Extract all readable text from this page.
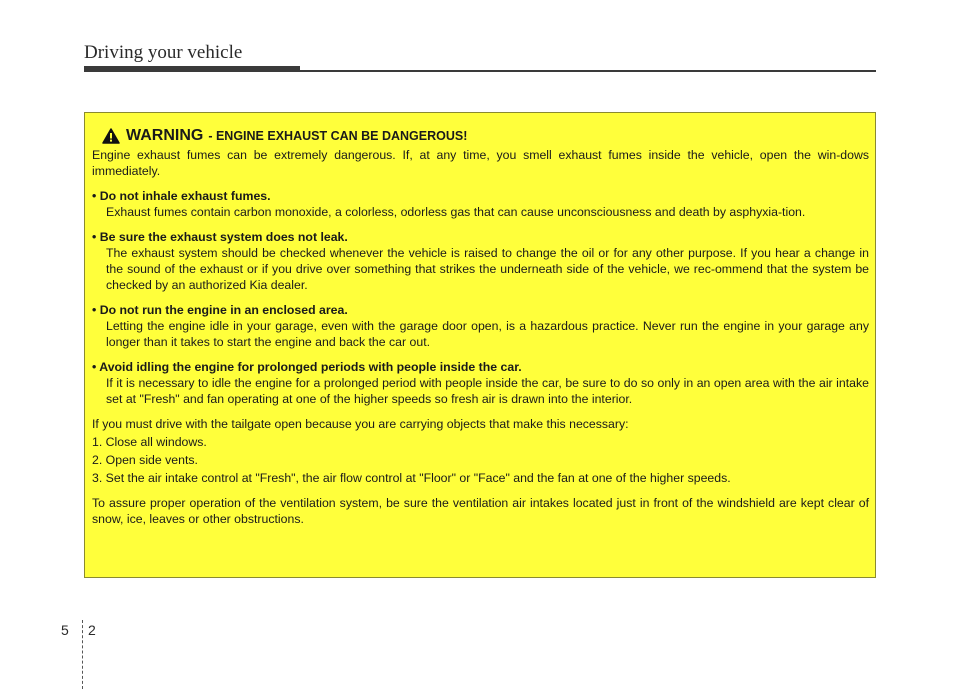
Driving your vehicle
WARNING - ENGINE EXHAUST CAN BE DANGEROUS!

Engine exhaust fumes can be extremely dangerous. If, at any time, you smell exhaust fumes inside the vehicle, open the win-dows immediately.

• Do not inhale exhaust fumes.

Exhaust fumes contain carbon monoxide, a colorless, odorless gas that can cause unconsciousness and death by asphyxia-tion.

• Be sure the exhaust system does not leak.

The exhaust system should be checked whenever the vehicle is raised to change the oil or for any other purpose. If you hear a change in the sound of the exhaust or if you drive over something that strikes the underneath side of the vehicle, we rec-ommend that the system be checked by an authorized Kia dealer.

• Do not run the engine in an enclosed area.

Letting the engine idle in your garage, even with the garage door open, is a hazardous practice. Never run the engine in your garage any longer than it takes to start the engine and back the car out.

• Avoid idling the engine for prolonged periods with people inside the car.

If it is necessary to idle the engine for a prolonged period with people inside the car, be sure to do so only in an open area with the air intake set at "Fresh" and fan operating at one of the higher speeds so fresh air is drawn into the interior.

If you must drive with the tailgate open because you are carrying objects that make this necessary:

1. Close all windows.

2. Open side vents.

3. Set the air intake control at "Fresh", the air flow control at "Floor" or "Face" and the fan at one of the higher speeds.

To assure proper operation of the ventilation system, be sure the ventilation air intakes located just in front of the windshield are kept clear of snow, ice, leaves or other obstructions.

5 2
